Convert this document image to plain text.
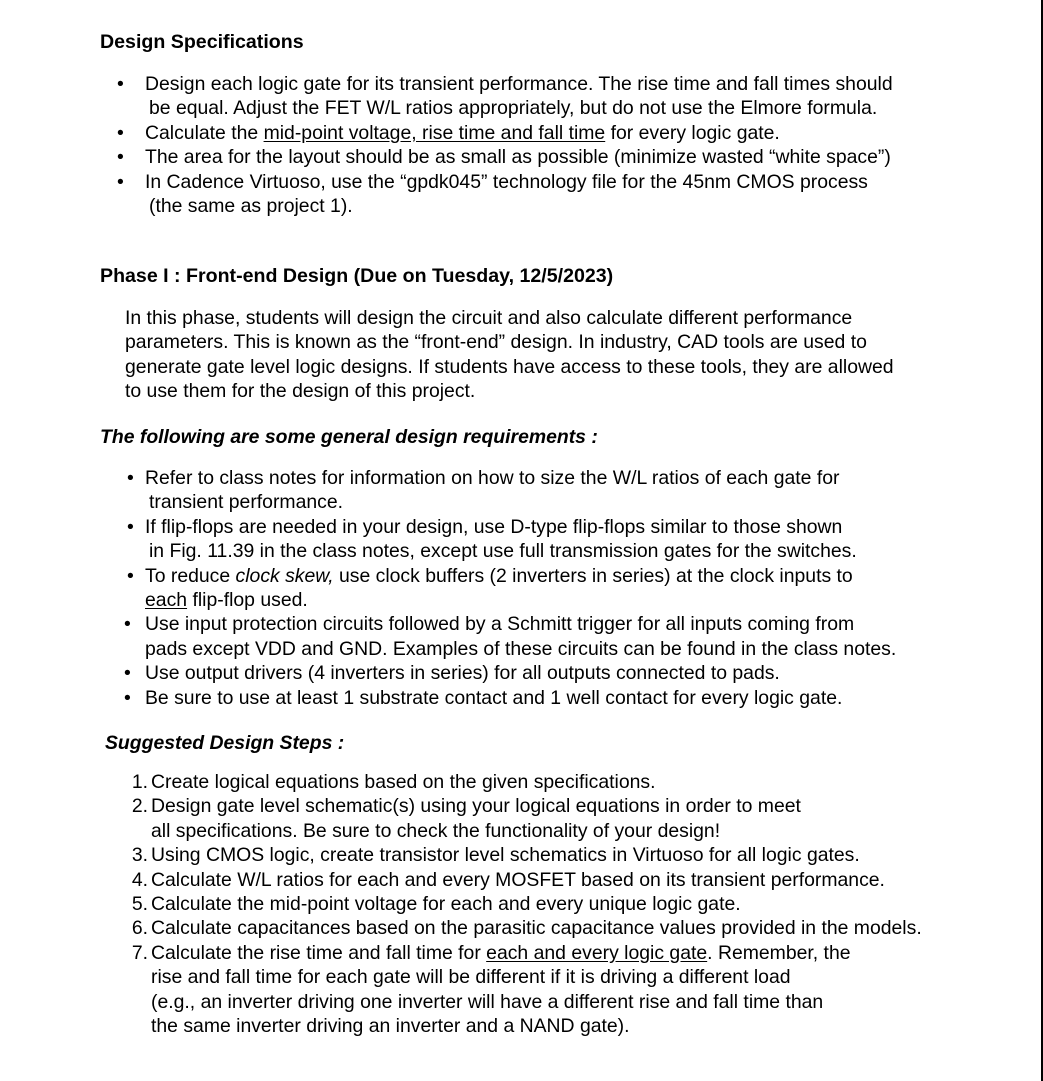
Design Specifications
• Design each logic gate for its transient performance. The rise time and fall times should
be equal. Adjust the FET W/L ratios appropriately, but do not use the Elmore formula.
• Calculate the mid-point voltage, rise time and fall time for every logic gate.
• The area for the layout should be as small as possible (minimize wasted “white space”)
• In Cadence Virtuoso, use the “gpdk045” technology file for the 45nm CMOS process
(the same as project 1).
Phase I : Front-end Design (Due on Tuesday, 12/5/2023)
In this phase, students will design the circuit and also calculate different performance
parameters. This is known as the “front-end” design. In industry, CAD tools are used to
generate gate level logic designs. If students have access to these tools, they are allowed
to use them for the design of this project.
The following are some general design requirements :
• Refer to class notes for information on how to size the W/L ratios of each gate for
transient performance.
• If flip-flops are needed in your design, use D-type flip-flops similar to those shown
in Fig. 11.39 in the class notes, except use full transmission gates for the switches.
• To reduce clock skew, use clock buffers (2 inverters in series) at the clock inputs to
each flip-flop used.
• Use input protection circuits followed by a Schmitt trigger for all inputs coming from
pads except VDD and GND. Examples of these circuits can be found in the class notes.
• Use output drivers (4 inverters in series) for all outputs connected to pads.
• Be sure to use at least 1 substrate contact and 1 well contact for every logic gate.
Suggested Design Steps :
1. Create logical equations based on the given specifications.
2. Design gate level schematic(s) using your logical equations in order to meet
all specifications. Be sure to check the functionality of your design!
3. Using CMOS logic, create transistor level schematics in Virtuoso for all logic gates.
4. Calculate W/L ratios for each and every MOSFET based on its transient performance.
5. Calculate the mid-point voltage for each and every unique logic gate.
6. Calculate capacitances based on the parasitic capacitance values provided in the models.
7. Calculate the rise time and fall time for each and every logic gate. Remember, the
rise and fall time for each gate will be different if it is driving a different load
(e.g., an inverter driving one inverter will have a different rise and fall time than
the same inverter driving an inverter and a NAND gate).
